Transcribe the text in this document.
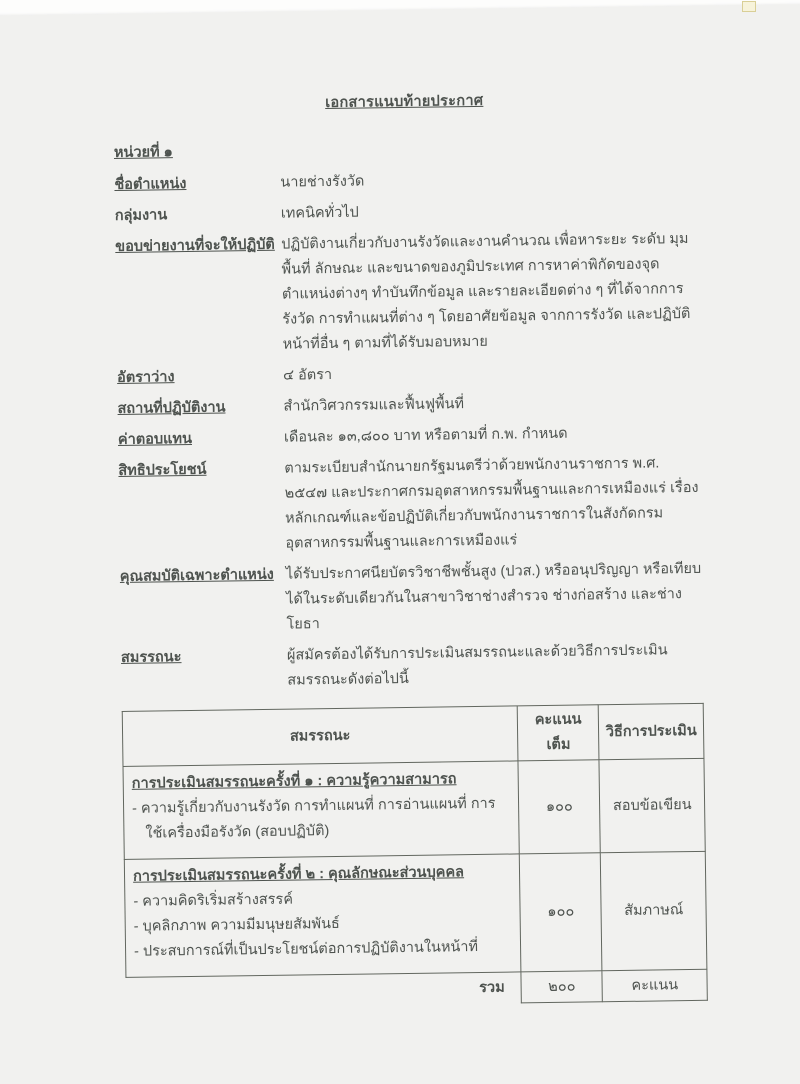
เอกสารแนบท้ายประกาศ
หน่วยที่ ๑
ชื่อตำแหน่ง	นายช่างรังวัด
กลุ่มงาน	เทคนิคทั่วไป
ขอบข่ายงานที่จะให้ปฏิบัติ ปฏิบัติงานเกี่ยวกับงานรังวัดและงานคำนวณ เพื่อหาระยะ ระดับ มุมพื้นที่ ลักษณะ และขนาดของภูมิประเทศ การหาค่าพิกัดของจุดตำแหน่งต่างๆ ทำบันทึกข้อมูล และรายละเอียดต่าง ๆ ที่ได้จากการรังวัด การทำแผนที่ต่าง ๆ โดยอาศัยข้อมูล จากการรังวัด และปฏิบัติหน้าที่อื่น ๆ ตามที่ได้รับมอบหมาย
อัตราว่าง	๔ อัตรา
สถานที่ปฏิบัติงาน	สำนักวิศวกรรมและฟื้นฟูพื้นที่
ค่าตอบแทน	เดือนละ ๑๓,๘๐๐ บาท หรือตามที่ ก.พ. กำหนด
สิทธิประโยชน์	ตามระเบียบสำนักนายกรัฐมนตรีว่าด้วยพนักงานราชการ พ.ศ. ๒๕๔๗ และประกาศกรมอุตสาหกรรมพื้นฐานและการเหมืองแร่ เรื่อง หลักเกณฑ์และข้อปฏิบัติเกี่ยวกับพนักงานราชการในสังกัดกรมอุตสาหกรรมพื้นฐานและการเหมืองแร่
คุณสมบัติเฉพาะตำแหน่ง ได้รับประกาศนียบัตรวิชาชีพชั้นสูง (ปวส.) หรืออนุปริญญา หรือเทียบได้ในระดับเดียวกันในสาขาวิชาช่างสำรวจ ช่างก่อสร้าง และช่างโยธา
สมรรถนะ	ผู้สมัครต้องได้รับการประเมินสมรรถนะและด้วยวิธีการประเมินสมรรถนะดังต่อไปนี้
สมรรถนะ	คะแนนเต็ม	วิธีการประเมิน

การประเมินสมรรถนะครั้งที่ ๑ : ความรู้ความสามารถ
- ความรู้เกี่ยวกับงานรังวัด การทำแผนที่ การอ่านแผนที่ การใช้เครื่องมือรังวัด (สอบปฏิบัติ)	๑๐๐	สอบข้อเขียน

การประเมินสมรรถนะครั้งที่ ๒ : คุณลักษณะส่วนบุคคล
- ความคิดริเริ่มสร้างสรรค์
- บุคลิกภาพ ความมีมนุษยสัมพันธ์
- ประสบการณ์ที่เป็นประโยชน์ต่อการปฏิบัติงานในหน้าที่	๑๐๐	สัมภาษณ์
รวม	๒๐๐	คะแนน
